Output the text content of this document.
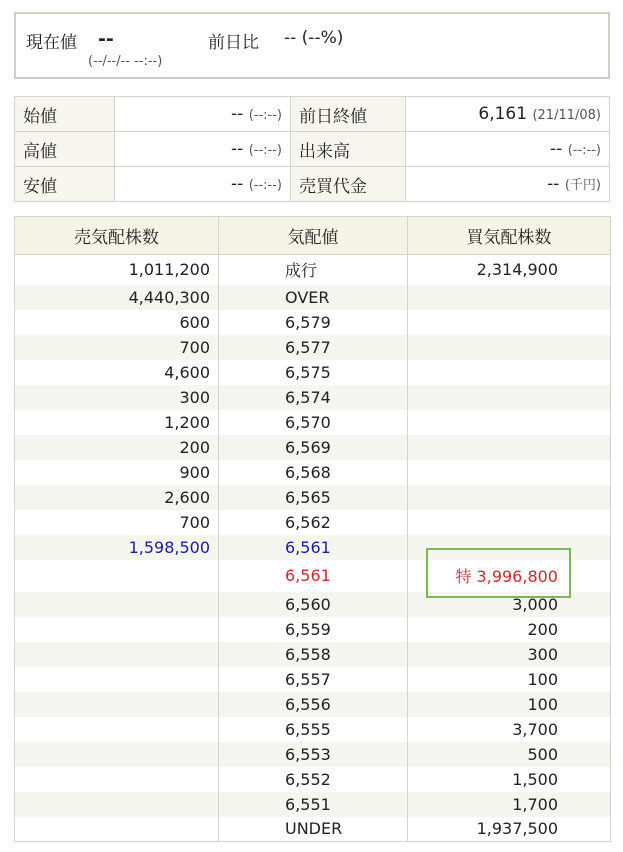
現在値 --
(--/--/-- --:--)
前日比 -- (--%)
始値	-- (--:--)	前日終値	6,161 (21/11/08)
高値	-- (--:--)	出来高	-- (--:--)
安値	-- (--:--)	売買代金	-- (千円)
売気配株数	気配値	買気配株数
1,011,200	成行	2,314,900
4,440,300	OVER	
600	6,579	
700	6,577	
4,600	6,575	
300	6,574	
1,200	6,570	
200	6,569	
900	6,568	
2,600	6,565	
700	6,562	
1,598,500	6,561	
	6,561	特 3,996,800
	6,560	3,000
	6,559	200
	6,558	300
	6,557	100
	6,556	100
	6,555	3,700
	6,553	500
	6,552	1,500
	6,551	1,700
	UNDER	1,937,500
